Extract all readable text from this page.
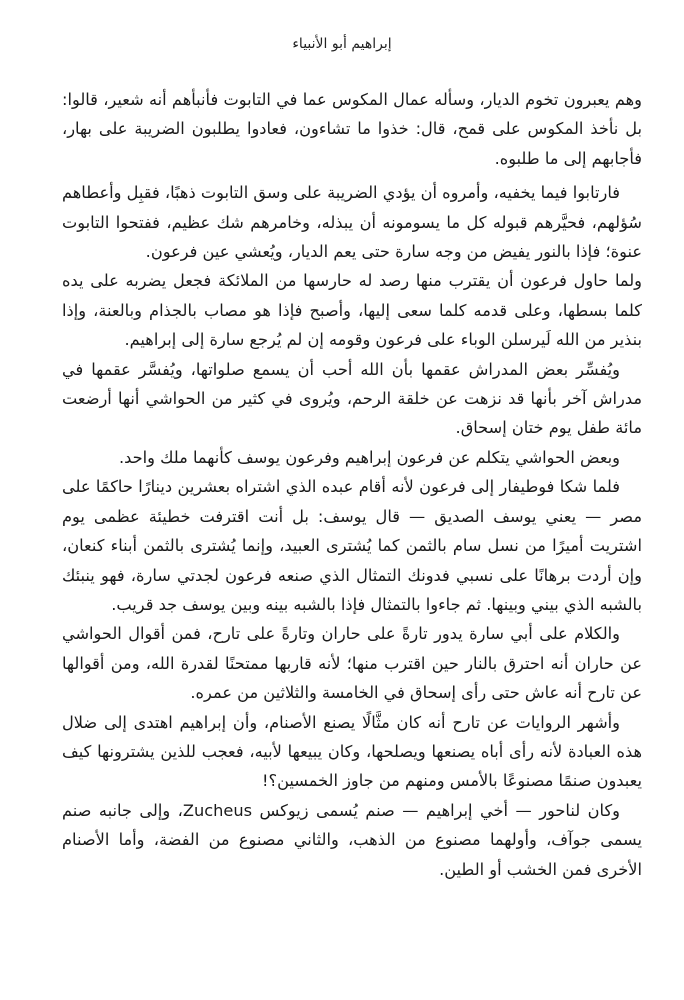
إبراهيم أبو الأنبياء

وهم يعبرون تخوم الديار، وسأله عمال المكوس عما في التابوت فأنبأهم أنه شعير، قالوا: بل نأخذ المكوس على قمح، قال: خذوا ما تشاءون، فعادوا يطلبون الضريبة على بهار، فأجابهم إلى ما طلبوه.

فارتابوا فيما يخفيه، وأمروه أن يؤدي الضريبة على وسق التابوت ذهبًا، فقبِل وأعطاهم سُؤلهم، فحيَّرهم قبوله كل ما يسومونه أن يبذله، وخامرهم شك عظيم، ففتحوا التابوت عنوة؛ فإذا بالنور يفيض من وجه سارة حتى يعم الديار، ويُعشي عين فرعون.

ولما حاول فرعون أن يقترب منها رصد له حارسها من الملائكة فجعل يضربه على يده كلما بسطها، وعلى قدمه كلما سعى إليها، وأصبح فإذا هو مصاب بالجذام وبالعنة، وإذا بنذير من الله لَيرسلن الوباء على فرعون وقومه إن لم يُرجع سارة إلى إبراهيم.

ويُفسِّر بعض المدراش عقمها بأن الله أحب أن يسمع صلواتها، ويُفسَّر عقمها في مدراش آخر بأنها قد نزهت عن خلقة الرحم، ويُروى في كثير من الحواشي أنها أرضعت مائة طفل يوم ختان إسحاق.

وبعض الحواشي يتكلم عن فرعون إبراهيم وفرعون يوسف كأنهما ملك واحد.

فلما شكا فوطيفار إلى فرعون لأنه أقام عبده الذي اشتراه بعشرين دينارًا حاكمًا على مصر — يعني يوسف الصديق — قال يوسف: بل أنت اقترفت خطيئة عظمى يوم اشتريت أميرًا من نسل سام بالثمن كما يُشترى العبيد، وإنما يُشترى بالثمن أبناء كنعان، وإن أردت برهانًا على نسبي فدونك التمثال الذي صنعه فرعون لجدتي سارة، فهو ينبئك بالشبه الذي بيني وبينها. ثم جاءوا بالتمثال فإذا بالشبه بينه وبين يوسف جد قريب.

والكلام على أبي سارة يدور تارةً على حاران وتارةً على تارح، فمن أقوال الحواشي عن حاران أنه احترق بالنار حين اقترب منها؛ لأنه قاربها ممتحنًا لقدرة الله، ومن أقوالها عن تارح أنه عاش حتى رأى إسحاق في الخامسة والثلاثين من عمره.

وأشهر الروايات عن تارح أنه كان مثَّالًا يصنع الأصنام، وأن إبراهيم اهتدى إلى ضلال هذه العبادة لأنه رأى أباه يصنعها ويصلحها، وكان يبيعها لأبيه، فعجب للذين يشترونها كيف يعبدون صنمًا مصنوعًا بالأمس ومنهم من جاوز الخمسين؟!

وكان لناحور — أخي إبراهيم — صنم يُسمى زيوكس Zucheus، وإلى جانبه صنم يسمى جوآف، وأولهما مصنوع من الذهب، والثاني مصنوع من الفضة، وأما الأصنام الأخرى فمن الخشب أو الطين.
